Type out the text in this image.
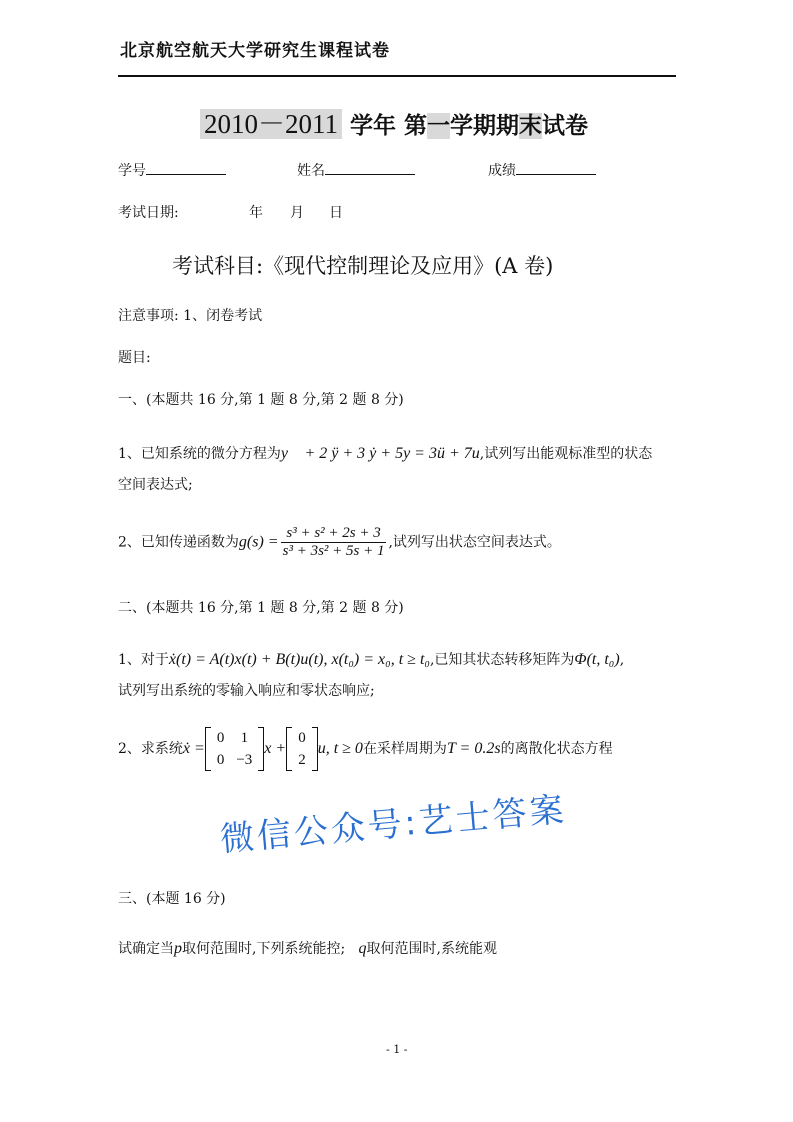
北京航空航天大学研究生课程试卷
2010－2011 学年 第一学期期末试卷
学号	姓名	成绩
考试日期:	年 月 日
考试科目:《现代控制理论及应用》(A 卷)
注意事项: 1、闭卷考试
题目:
一、(本题共 16 分,第 1 题 8 分,第 2 题 8 分)
1、已知系统的微分方程为y⃛ + 2 ÿ + 3 ẏ + 5y = 3ü + 7u,试列写出能观标准型的状态
空间表达式;
2、已知传递函数为$g(s) = \frac{\text{s³ + s² + 2s + 3}}{\text{s³ + 3s² + 5s + 1}}$ ,试列写出状态空间表达式。
二、(本题共 16 分,第 1 题 8 分,第 2 题 8 分)
1、对于ẋ(t) = A(t)x(t) + B(t)u(t), x(t₀) = x₀, t ≥ t₀,已知其状态转移矩阵为Φ(t, t₀),
试列写出系统的零输入响应和零状态响应;
2、求系统ẋ =
0	1
0	−3
x +
0
2
u, t ≥ 0在采样周期为T = 0.2s的离散化状态方程
微信公众号:艺士答案
三、(本题 16 分)
试确定当p取何范围时,下列系统能控; q取何范围时,系统能观
- 1 -
